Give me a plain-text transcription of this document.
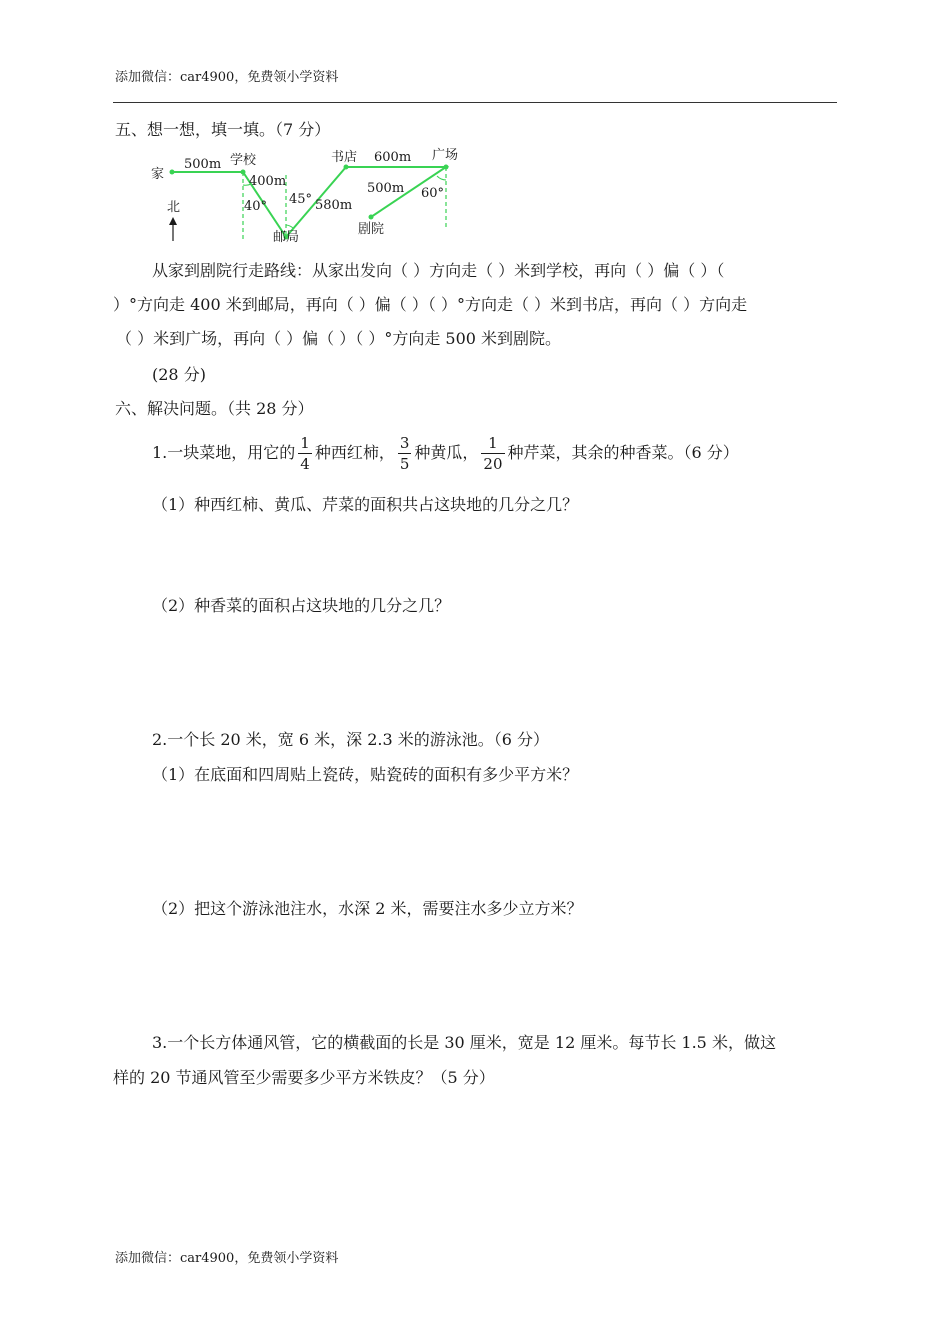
添加微信：car4900，免费领小学资料
五、想一想，填一填。（7 分）
家
学校	书店	广场
邮局
剧院
北
500m
400m
580m
600m
500m
40° 45°	60°
从家到剧院行走路线：从家出发向（ ）方向走（ ）米到学校，再向（ ）偏（ ）（
）°方向走 400 米到邮局，再向（ ）偏（ ）（ ）°方向走（ ）米到书店，再向（ ）方向走
（ ）米到广场，再向（ ）偏（ ）（ ）°方向走 500 米到剧院。
(28 分)
六、解决问题。（共 28 分）
1.一块菜地，用它的 $\frac{1}{4}$ 种西红柿， $\frac{3}{5}$ 种黄瓜， $\frac{1}{20}$ 种芹菜，其余的种香菜。（6 分）
（1）种西红柿、黄瓜、芹菜的面积共占这块地的几分之几？
（2）种香菜的面积占这块地的几分之几？
2.一个长 20 米，宽 6 米，深 2.3 米的游泳池。（6 分）
（1）在底面和四周贴上瓷砖，贴瓷砖的面积有多少平方米？
（2）把这个游泳池注水，水深 2 米，需要注水多少立方米？
3.一个长方体通风管，它的横截面的长是 30 厘米，宽是 12 厘米。每节长 1.5 米，做这
样的 20 节通风管至少需要多少平方米铁皮？（5 分）
添加微信：car4900，免费领小学资料
